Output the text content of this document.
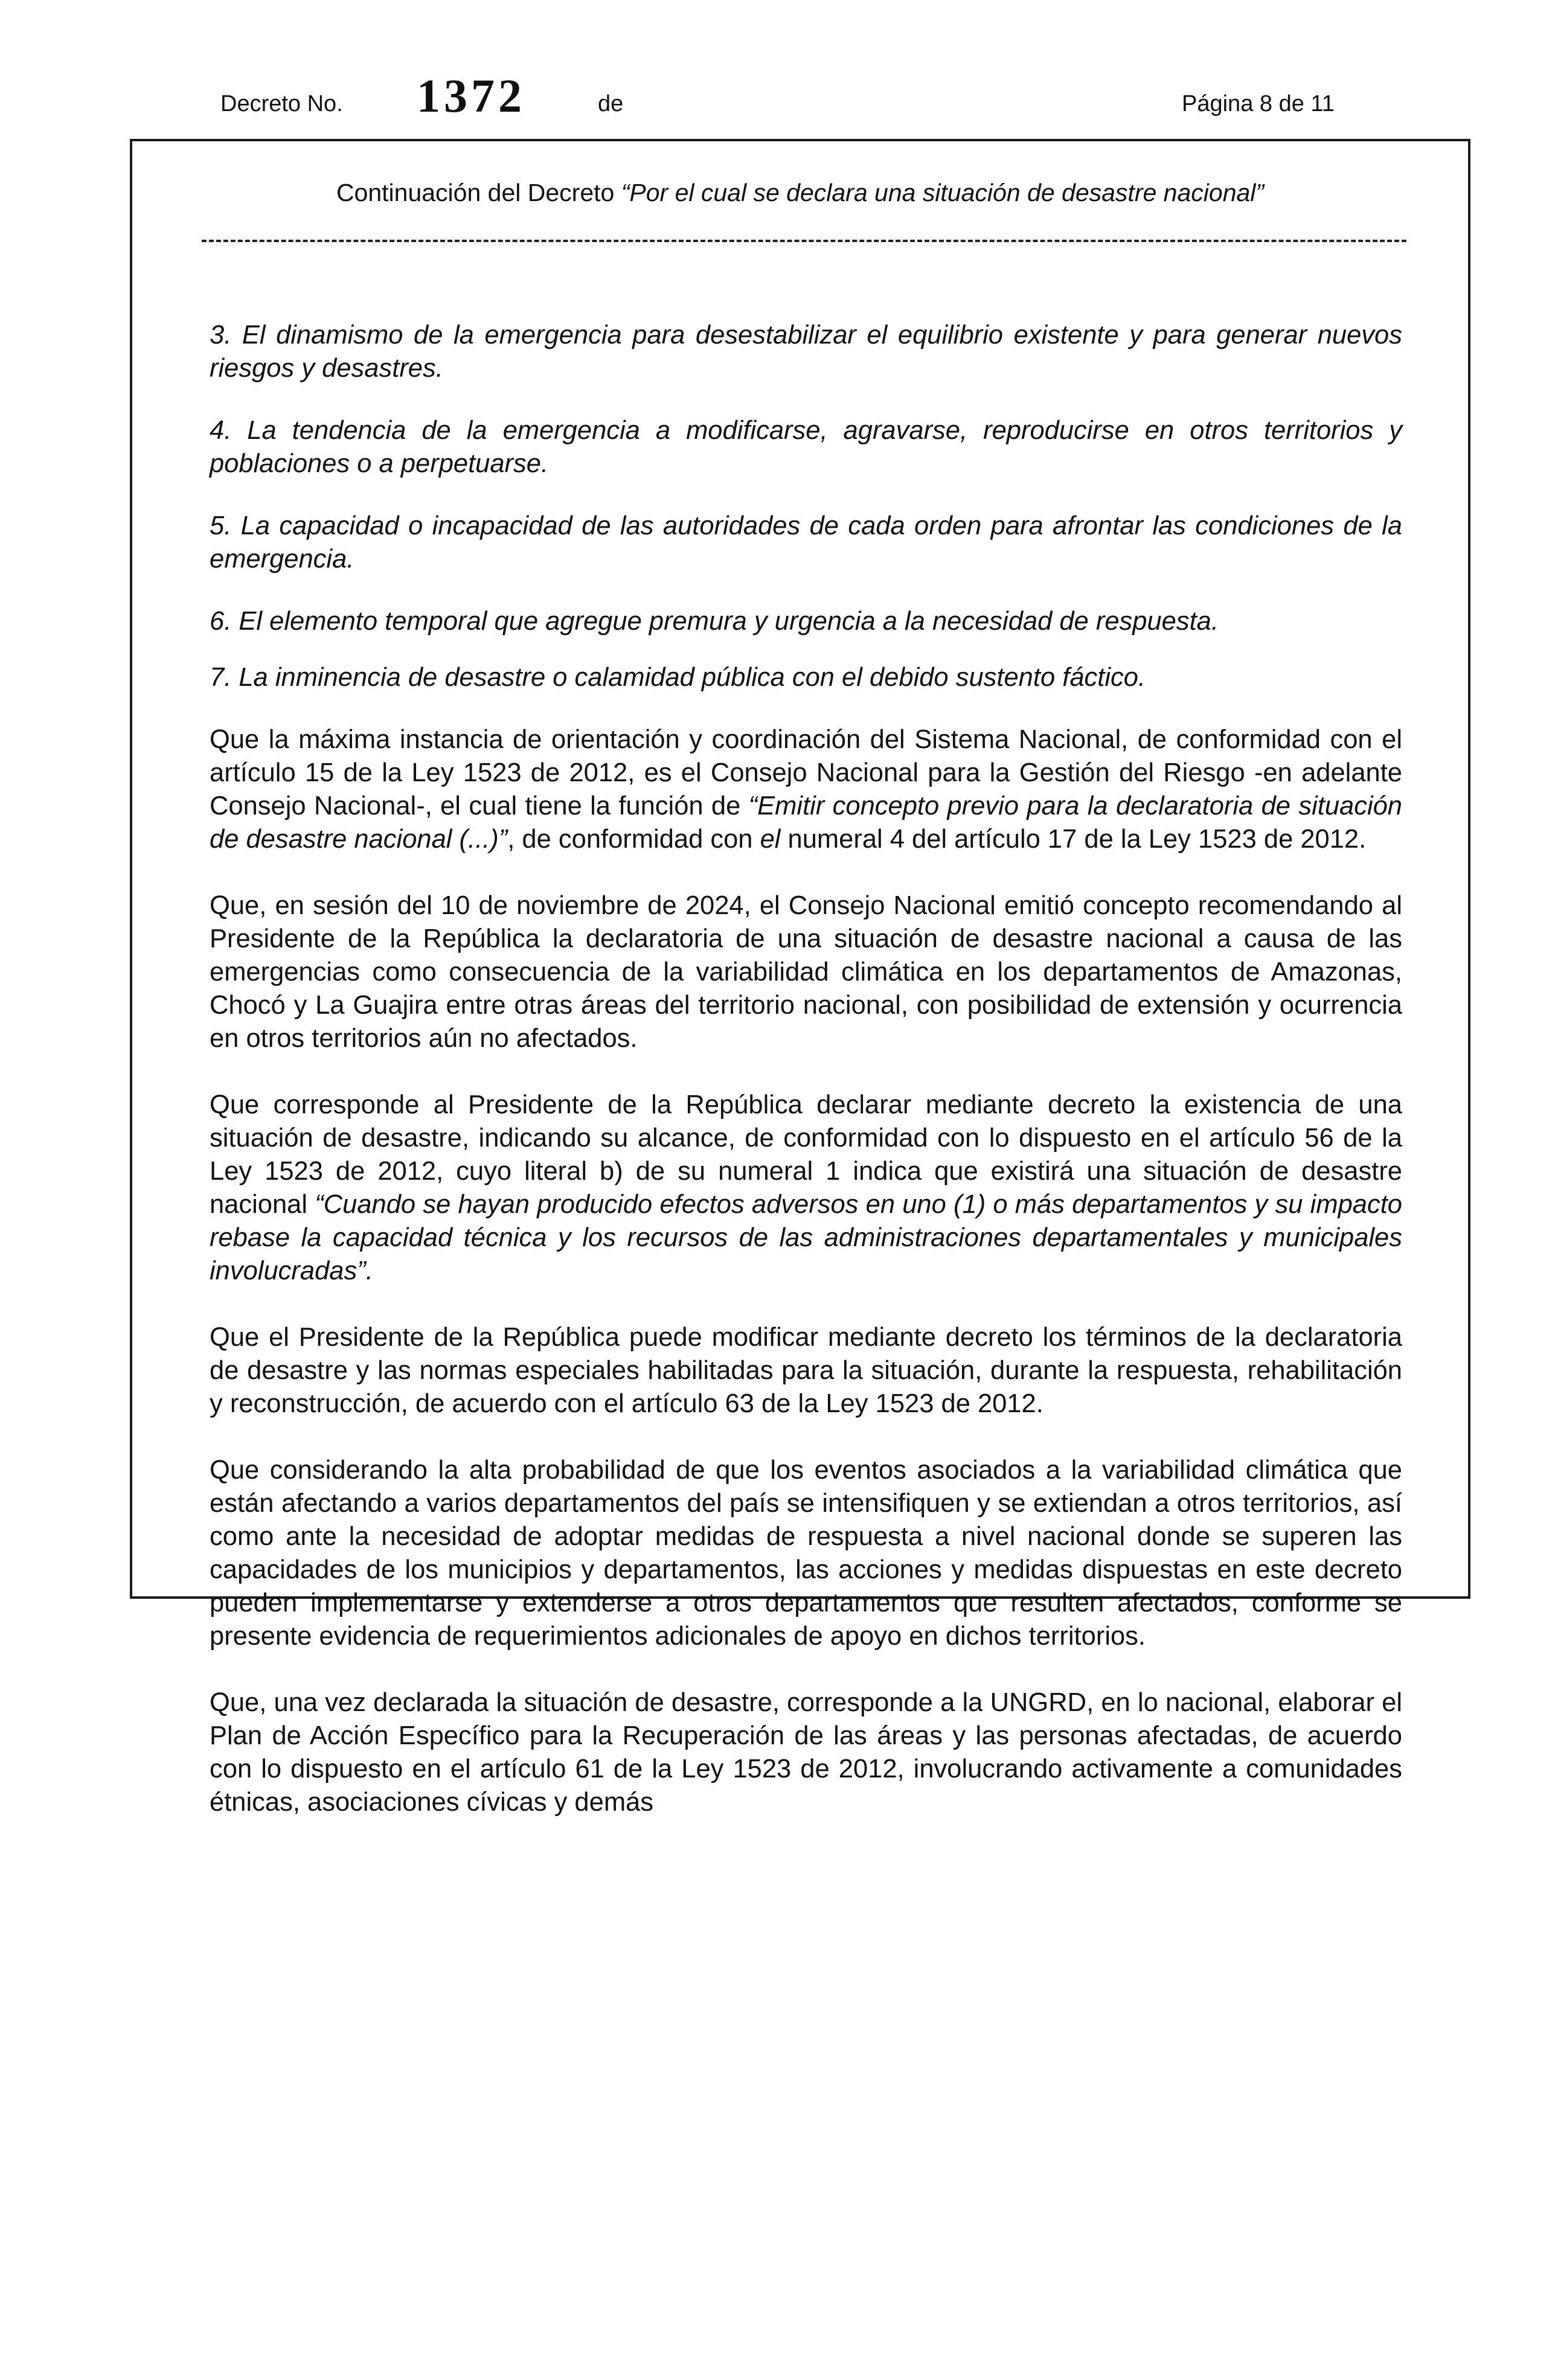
Decreto No. 1372	de	Página 8 de 11
Continuación del Decreto “Por el cual se declara una situación de desastre nacional”

3. El dinamismo de la emergencia para desestabilizar el equilibrio existente y para generar nuevos riesgos y desastres.

4. La tendencia de la emergencia a modificarse, agravarse, reproducirse en otros territorios y poblaciones o a perpetuarse.

5. La capacidad o incapacidad de las autoridades de cada orden para afrontar las condiciones de la emergencia.

6. El elemento temporal que agregue premura y urgencia a la necesidad de respuesta.

7. La inminencia de desastre o calamidad pública con el debido sustento fáctico.

Que la máxima instancia de orientación y coordinación del Sistema Nacional, de conformidad con el artículo 15 de la Ley 1523 de 2012, es el Consejo Nacional para la Gestión del Riesgo -en adelante Consejo Nacional-, el cual tiene la función de “Emitir concepto previo para la declaratoria de situación de desastre nacional (...)”, de conformidad con el numeral 4 del artículo 17 de la Ley 1523 de 2012.

Que, en sesión del 10 de noviembre de 2024, el Consejo Nacional emitió concepto recomendando al Presidente de la República la declaratoria de una situación de desastre nacional a causa de las emergencias como consecuencia de la variabilidad climática en los departamentos de Amazonas, Chocó y La Guajira entre otras áreas del territorio nacional, con posibilidad de extensión y ocurrencia en otros territorios aún no afectados.

Que corresponde al Presidente de la República declarar mediante decreto la existencia de una situación de desastre, indicando su alcance, de conformidad con lo dispuesto en el artículo 56 de la Ley 1523 de 2012, cuyo literal b) de su numeral 1 indica que existirá una situación de desastre nacional “Cuando se hayan producido efectos adversos en uno (1) o más departamentos y su impacto rebase la capacidad técnica y los recursos de las administraciones departamentales y municipales involucradas”.

Que el Presidente de la República puede modificar mediante decreto los términos de la declaratoria de desastre y las normas especiales habilitadas para la situación, durante la respuesta, rehabilitación y reconstrucción, de acuerdo con el artículo 63 de la Ley 1523 de 2012.

Que considerando la alta probabilidad de que los eventos asociados a la variabilidad climática que están afectando a varios departamentos del país se intensifiquen y se extiendan a otros territorios, así como ante la necesidad de adoptar medidas de respuesta a nivel nacional donde se superen las capacidades de los municipios y departamentos, las acciones y medidas dispuestas en este decreto pueden implementarse y extenderse a otros departamentos que resulten afectados, conforme se presente evidencia de requerimientos adicionales de apoyo en dichos territorios.

Que, una vez declarada la situación de desastre, corresponde a la UNGRD, en lo nacional, elaborar el Plan de Acción Específico para la Recuperación de las áreas y las personas afectadas, de acuerdo con lo dispuesto en el artículo 61 de la Ley 1523 de 2012, involucrando activamente a comunidades étnicas, asociaciones cívicas y demás
